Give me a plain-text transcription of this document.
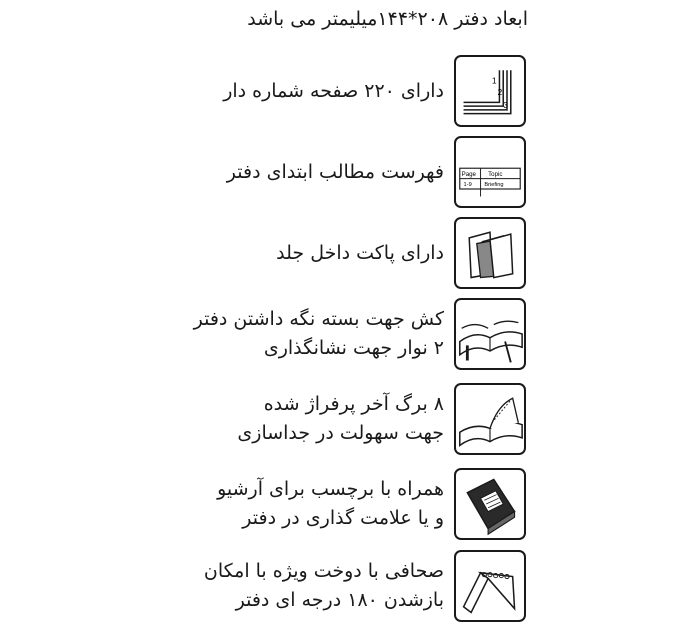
ابعاد دفتر ۲۰۸*۱۴۴میلیمتر می باشد
1
2
3
دارای ۲۲۰ صفحه شماره دار
Page Topic
1-9 Briefing
فهرست مطالب ابتدای دفتر
دارای پاکت داخل جلد
کش جهت بسته نگه داشتن دفتر
۲ نوار جهت نشانگذاری
۸ برگ آخر پرفراژ شده
جهت سهولت در جداسازی
همراه با برچسب برای آرشیو
و یا علامت گذاری در دفتر
صحافی با دوخت ویژه با امکان
بازشدن ۱۸۰ درجه ای دفتر
